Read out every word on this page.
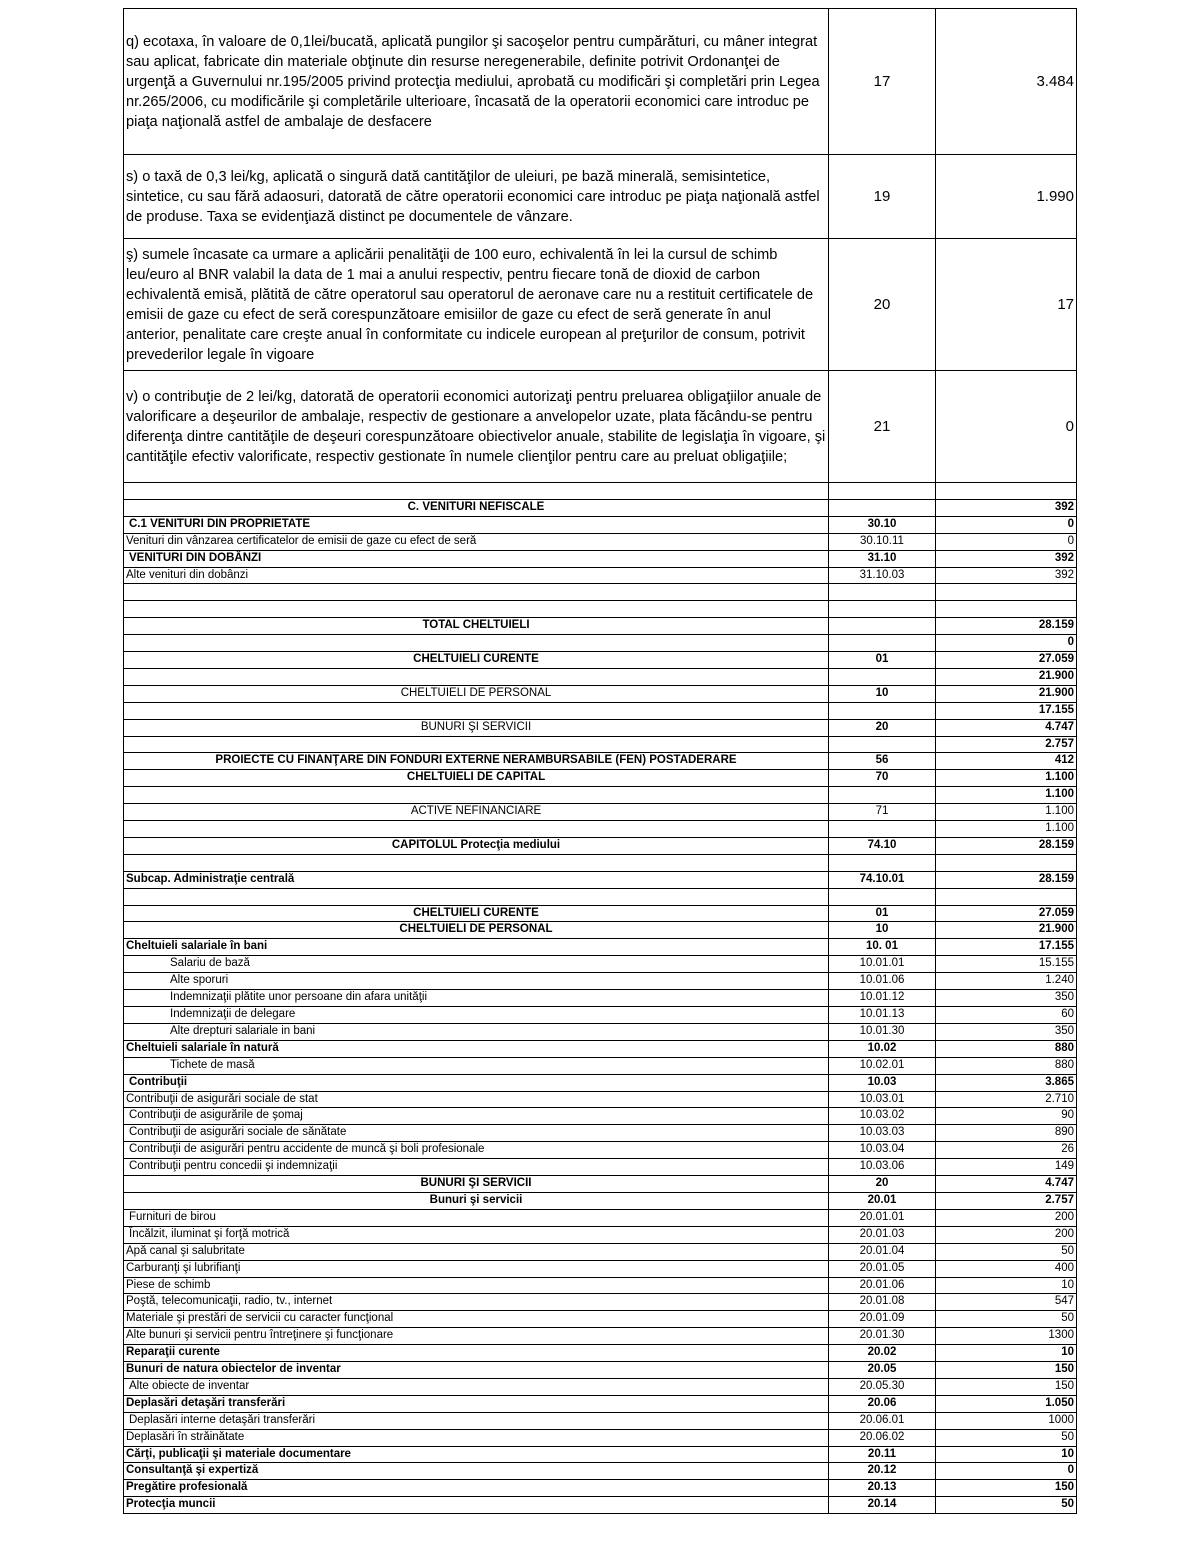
q) ecotaxa, în valoare de 0,1lei/bucată, aplicată pungilor şi sacoşelor pentru cumpărături, cu mâner integrat sau aplicat, fabricate din materiale obţinute din resurse neregenerabile, definite potrivit Ordonanţei de urgenţă a Guvernului nr.195/2005 privind protecţia mediului, aprobată cu modificări şi completări prin Legea nr.265/2006, cu modificările şi completările ulterioare, încasată de la operatorii economici care introduc pe piaţa naţională astfel de ambalaje de desfacere	17	3.484
s) o taxă de 0,3 lei/kg, aplicată o singură dată cantităţilor de uleiuri, pe bază minerală, semisintetice, sintetice, cu sau fără adaosuri, datorată de către operatorii economici care introduc pe piaţa naţională astfel de produse. Taxa se evidenţiază distinct pe documentele de vânzare.	19	1.990
ş) sumele încasate ca urmare a aplicării penalităţii de 100 euro, echivalentă în lei la cursul de schimb leu/euro al BNR valabil la data de 1 mai a anului respectiv, pentru fiecare tonă de dioxid de carbon echivalentă emisă, plătită de către operatorul sau operatorul de aeronave care nu a restituit certificatele de emisii de gaze cu efect de seră corespunzătoare emisiilor de gaze cu efect de seră generate în anul anterior, penalitate care creşte anual în conformitate cu indicele european al preţurilor de consum, potrivit prevederilor legale în vigoare	20	17
v) o contribuţie de 2 lei/kg, datorată de operatorii economici autorizaţi pentru preluarea obligaţiilor anuale de valorificare a deşeurilor de ambalaje, respectiv de gestionare a anvelopelor uzate, plata făcându-se pentru diferenţa dintre cantităţile de deşeuri corespunzătoare obiectivelor anuale, stabilite de legislaţia în vigoare, şi cantităţile efectiv valorificate, respectiv gestionate în numele clienţilor pentru care au preluat obligaţiile;	21	0

C. VENITURI NEFISCALE		392
C.1 VENITURI DIN PROPRIETATE	30.10	0
Venituri din vânzarea certificatelor de emisii de gaze cu efect de seră	30.10.11	0
VENITURI DIN DOBÂNZI	31.10	392
Alte venituri din dobânzi	31.10.03	392

TOTAL CHELTUIELI		28.159
		0
CHELTUIELI CURENTE	01	27.059
		21.900
CHELTUIELI DE PERSONAL	10	21.900
		17.155
BUNURI ŞI SERVICII	20	4.747
		2.757
PROIECTE CU FINANŢARE DIN FONDURI EXTERNE NERAMBURSABILE (FEN) POSTADERARE	56	412
CHELTUIELI DE CAPITAL	70	1.100
		1.100
ACTIVE NEFINANCIARE	71	1.100
		1.100
CAPITOLUL Protecţia mediului	74.10	28.159

Subcap. Administraţie centrală	74.10.01	28.159

CHELTUIELI CURENTE	01	27.059
CHELTUIELI DE PERSONAL	10	21.900
Cheltuieli salariale în bani	10. 01	17.155
Salariu de bază	10.01.01	15.155
Alte sporuri	10.01.06	1.240
Indemnizaţii plătite unor persoane din afara unităţii	10.01.12	350
Indemnizaţii de delegare	10.01.13	60
Alte drepturi salariale in bani	10.01.30	350
Cheltuieli salariale în natură	10.02	880
Tichete de masă	10.02.01	880
Contribuţii	10.03	3.865
Contribuţii de asigurări sociale de stat	10.03.01	2.710
Contribuţii de asigurările de şomaj	10.03.02	90
Contribuţii de asigurări sociale de sănătate	10.03.03	890
Contribuţii de asigurări pentru accidente de muncă şi boli profesionale	10.03.04	26
Contribuţii pentru concedii şi indemnizaţii	10.03.06	149
BUNURI ŞI SERVICII	20	4.747
Bunuri şi servicii	20.01	2.757
Furnituri de birou	20.01.01	200
Încălzit, iluminat şi forţă motrică	20.01.03	200
Apă canal şi salubritate	20.01.04	50
Carburanţi şi lubrifianţi	20.01.05	400
Piese de schimb	20.01.06	10
Poştă, telecomunicaţii, radio, tv., internet	20.01.08	547
Materiale şi prestări de servicii cu caracter funcţional	20.01.09	50
Alte bunuri şi servicii pentru întreţinere şi funcţionare	20.01.30	1300
Reparaţii curente	20.02	10
Bunuri de natura obiectelor de inventar	20.05	150
Alte obiecte de inventar	20.05.30	150
Deplasări detaşări transferări	20.06	1.050
Deplasări interne detaşări transferări	20.06.01	1000
Deplasări în străinătate	20.06.02	50
Cărţi, publicaţii şi materiale documentare	20.11	10
Consultanţă şi expertiză	20.12	0
Pregătire profesională	20.13	150
Protecţia muncii	20.14	50
